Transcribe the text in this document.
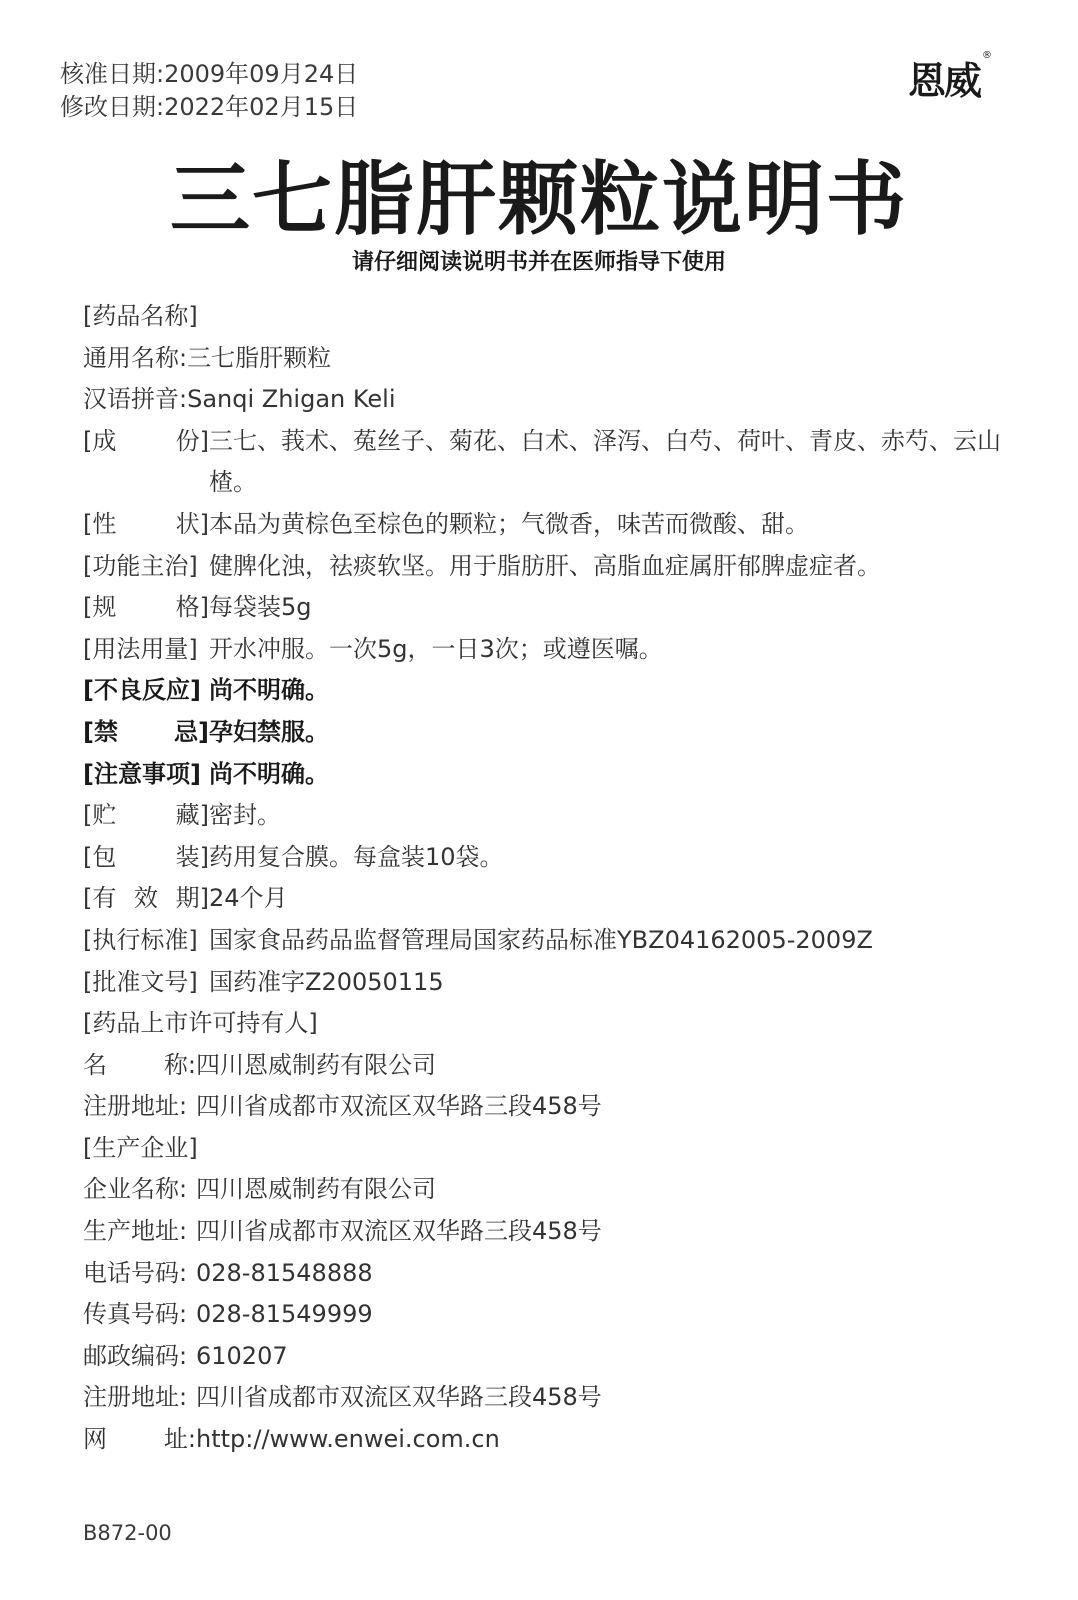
核准日期:2009年09月24日
修改日期:2022年02月15日
恩威®
三七脂肝颗粒说明书
请仔细阅读说明书并在医师指导下使用
[药品名称]
通用名称:三七脂肝颗粒
汉语拼音:Sanqi Zhigan Keli
[成 份] 三七、莪术、菟丝子、菊花、白术、泽泻、白芍、荷叶、青皮、赤芍、云山楂。
[性 状] 本品为黄棕色至棕色的颗粒；气微香，味苦而微酸、甜。
[功能主治] 健脾化浊，祛痰软坚。用于脂肪肝、高脂血症属肝郁脾虚症者。
[规 格] 每袋装5g
[用法用量] 开水冲服。一次5g，一日3次；或遵医嘱。
[不良反应] 尚不明确。
[禁 忌] 孕妇禁服。
[注意事项] 尚不明确。
[贮 藏] 密封。
[包 装] 药用复合膜。每盒装10袋。
[有 效 期] 24个月
[执行标准] 国家食品药品监督管理局国家药品标准YBZ04162005-2009Z
[批准文号] 国药准字Z20050115
[药品上市许可持有人]
名 称: 四川恩威制药有限公司
注册地址: 四川省成都市双流区双华路三段458号
[生产企业]
企业名称: 四川恩威制药有限公司
生产地址: 四川省成都市双流区双华路三段458号
电话号码: 028-81548888
传真号码: 028-81549999
邮政编码: 610207
注册地址: 四川省成都市双流区双华路三段458号
网 址: http://www.enwei.com.cn
B872-00
